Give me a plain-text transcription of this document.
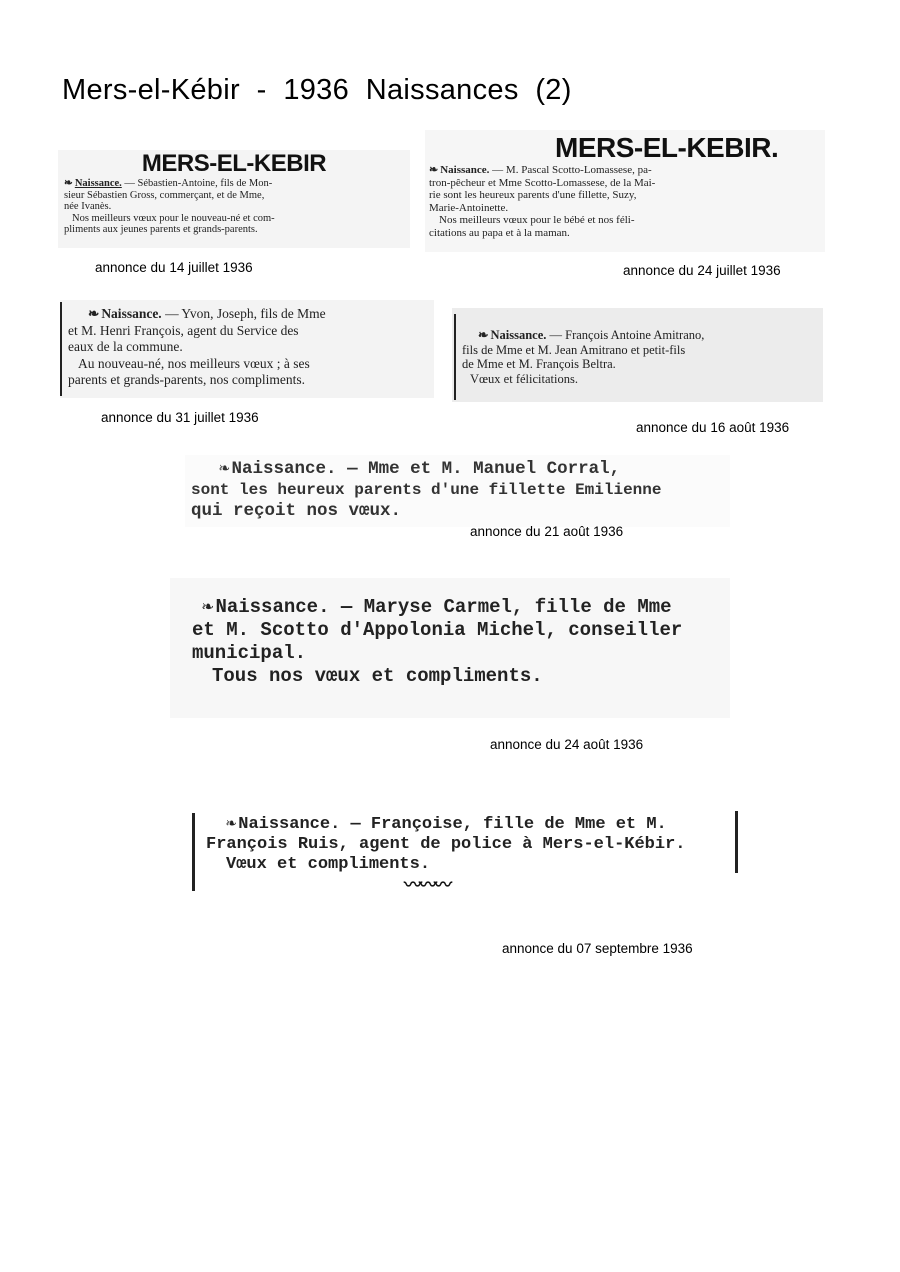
Mers-el-Kébir  -  1936  Naissances  (2)
MERS-EL-KEBIR
❧ Naissance. — Sébastien-Antoine, fils de Mon-
sieur Sébastien Gross, commerçant, et de Mme,
née Ivanès.
Nos meilleurs vœux pour le nouveau-né et com-
pliments aux jeunes parents et grands-parents.
annonce du 14 juillet 1936
MERS-EL-KEBIR.
❧ Naissance. — M. Pascal Scotto-Lomassese, pa-
tron-pêcheur et Mme Scotto-Lomassese, de la Mai-
rie sont les heureux parents d'une fillette, Suzy,
Marie-Antoinette.
Nos meilleurs vœux pour le bébé et nos féli-
citations au papa et à la maman.
annonce du 24 juillet 1936
❧ Naissance. — Yvon, Joseph, fils de Mme
et M. Henri François, agent du Service des
eaux de la commune.
Au nouveau-né, nos meilleurs vœux ; à ses
parents et grands-parents, nos compliments.
annonce du 31 juillet 1936
❧ Naissance. — François Antoine Amitrano,
fils de Mme et M. Jean Amitrano et petit-fils
de Mme et M. François Beltra.
Vœux et félicitations.
annonce du 16 août 1936
❧ Naissance. — Mme et M. Manuel Corral,
sont les heureux parents d'une fillette Emilienne
qui reçoit nos vœux.
annonce du 21 août 1936
❧ Naissance. — Maryse Carmel, fille de Mme
et M. Scotto d'Appolonia Michel, conseiller
municipal.
Tous nos vœux et compliments.
annonce du 24 août 1936
❧ Naissance. — Françoise, fille de Mme et M.
François Ruis, agent de police à Mers-el-Kébir.
Vœux et compliments.
〰〰〰
annonce du 07 septembre 1936
